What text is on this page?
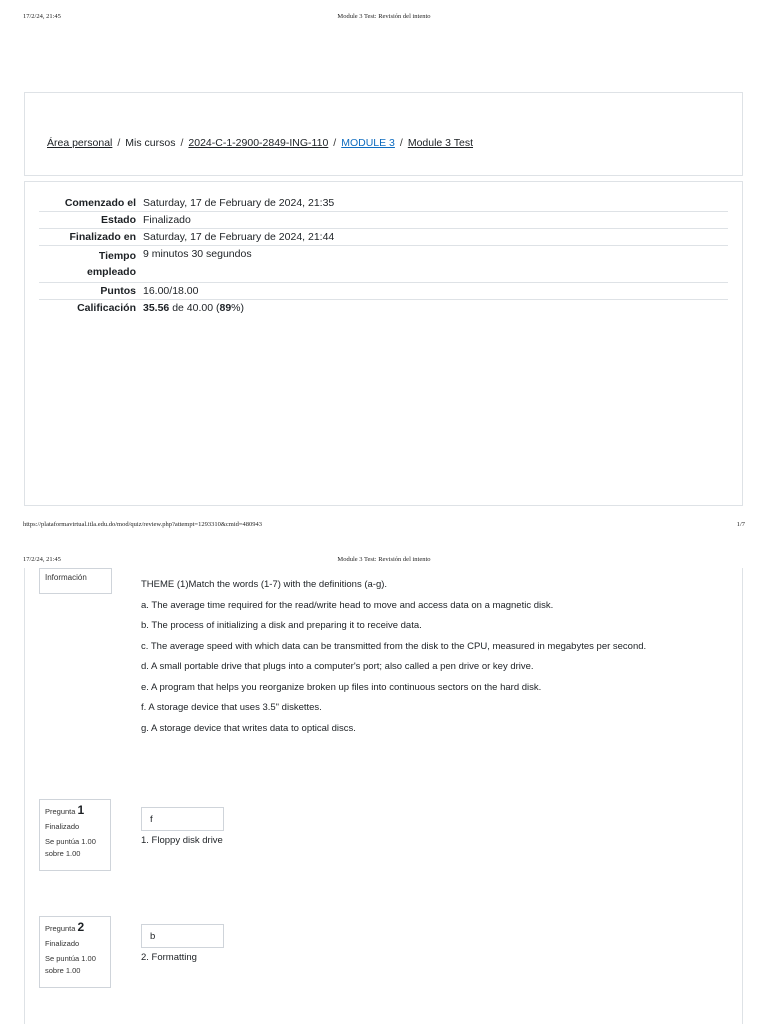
17/2/24, 21:45	Module 3 Test: Revisión del intento
Área personal / Mis cursos / 2024-C-1-2900-2849-ING-110 / MODULE 3 / Module 3 Test
Comenzado el	Saturday, 17 de February de 2024, 21:35
Estado	Finalizado
Finalizado en	Saturday, 17 de February de 2024, 21:44
Tiempo
empleado	9 minutos 30 segundos
Puntos	16.00/18.00
Calificación	35.56 de 40.00 (89%)
https://plataformavirtual.itla.edu.do/mod/quiz/review.php?attempt=1293310&cmid=480943	1/7
17/2/24, 21:45	Module 3 Test: Revisión del intento
Información
THEME (1)Match the words (1-7) with the definitions (a-g).
a. The average time required for the read/write head to move and access data on a magnetic disk.
b. The process of initializing a disk and preparing it to receive data.
c. The average speed with which data can be transmitted from the disk to the CPU, measured in megabytes per second.
d. A small portable drive that plugs into a computer's port; also called a pen drive or key drive.
e. A program that helps you reorganize broken up files into continuous sectors on the hard disk.
f. A storage device that uses 3.5" diskettes.
g. A storage device that writes data to optical discs.
Pregunta 1
Finalizado
Se puntúa 1.00
sobre 1.00
f
1. Floppy disk drive
Pregunta 2
Finalizado
Se puntúa 1.00
sobre 1.00
b
2. Formatting
